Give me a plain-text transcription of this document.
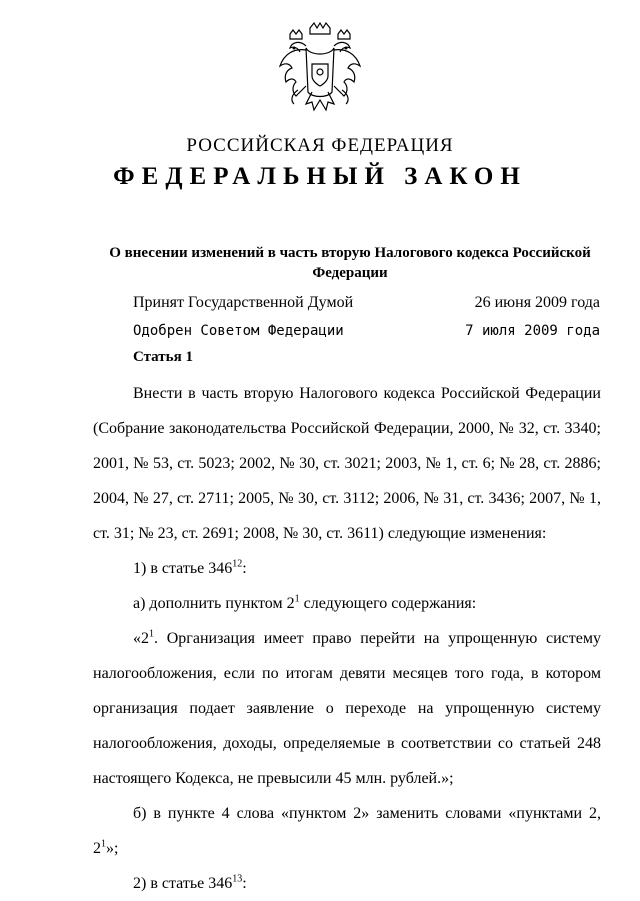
РОССИЙСКАЯ ФЕДЕРАЦИЯ
ФЕДЕРАЛЬНЫЙ ЗАКОН
О внесении изменений в часть вторую Налогового кодекса Российской Федерации
Принят Государственной Думой	26 июня 2009 года
Одобрен Советом Федерации	7 июля 2009 года
Статья 1

Внести в часть вторую Налогового кодекса Российской Федерации (Собрание законодательства Российской Федерации, 2000, № 32, ст. 3340; 2001, № 53, ст. 5023; 2002, № 30, ст. 3021; 2003, № 1, ст. 6; № 28, ст. 2886; 2004, № 27, ст. 2711; 2005, № 30, ст. 3112; 2006, № 31, ст. 3436; 2007, № 1, ст. 31; № 23, ст. 2691; 2008, № 30, ст. 3611) следующие изменения:

1) в статье $346^{12}$:

а) дополнить пунктом $2^1$ следующего содержания:

«$2^1$. Организация имеет право перейти на упрощенную систему налогообложения, если по итогам девяти месяцев того года, в котором организация подает заявление о переходе на упрощенную систему налогообложения, доходы, определяемые в соответствии со статьей 248 настоящего Кодекса, не превысили 45 млн. рублей.»;

б) в пункте 4 слова «пунктом 2» заменить словами «пунктами 2, $2^1$»;

2) в статье $346^{13}$:
